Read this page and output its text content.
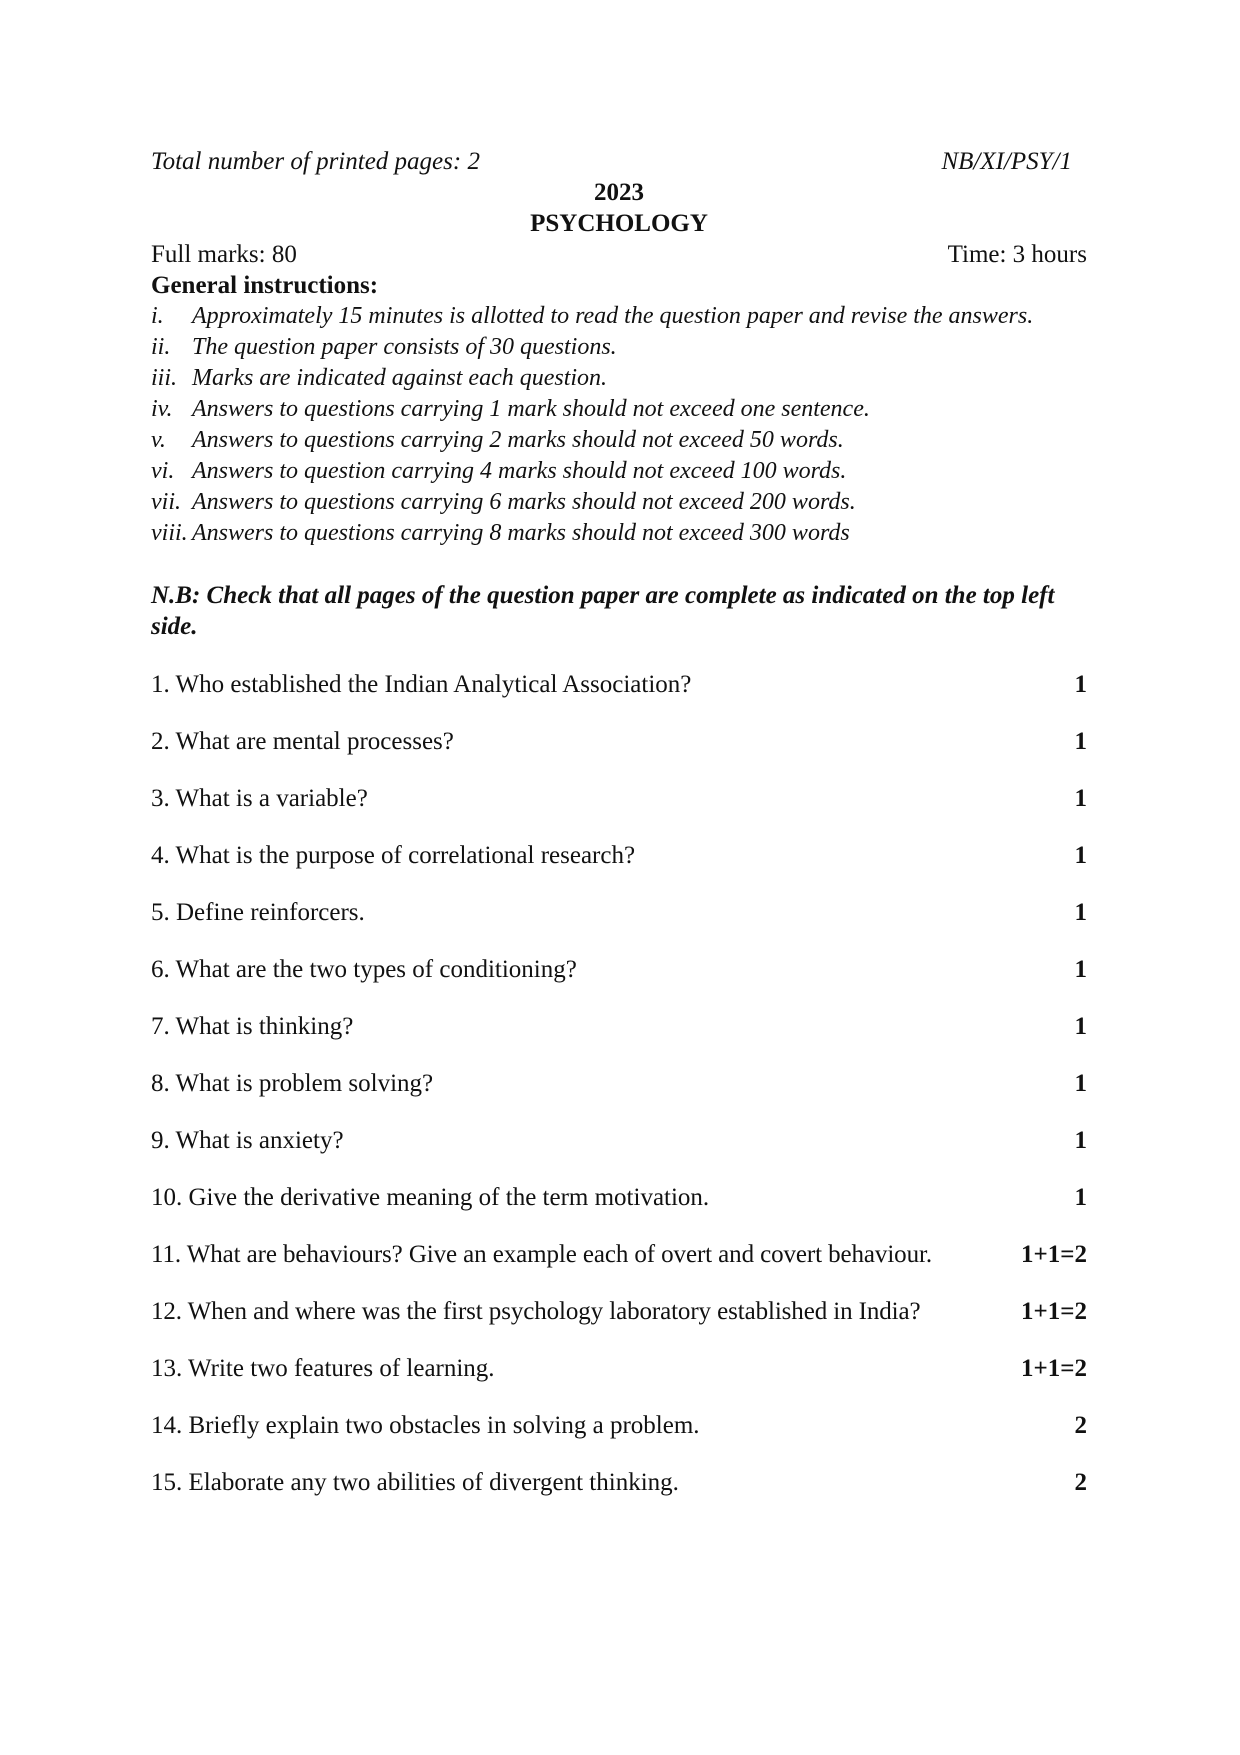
Total number of printed pages: 2	NB/XI/PSY/1
2023
PSYCHOLOGY
Full marks: 80	Time: 3 hours
General instructions:
i.	Approximately 15 minutes is allotted to read the question paper and revise the answers.
ii. The question paper consists of 30 questions.
iii. Marks are indicated against each question.
iv. Answers to questions carrying 1 mark should not exceed one sentence.
v.	Answers to questions carrying 2 marks should not exceed 50 words.
vi. Answers to question carrying 4 marks should not exceed 100 words.
vii. Answers to questions carrying 6 marks should not exceed 200 words.
viii. Answers to questions carrying 8 marks should not exceed 300 words
N.B: Check that all pages of the question paper are complete as indicated on the top left side.
1. Who established the Indian Analytical Association?	1
2. What are mental processes?	1
3. What is a variable?	1
4. What is the purpose of correlational research?	1
5. Define reinforcers.	1
6. What are the two types of conditioning?	1
7. What is thinking?	1
8. What is problem solving?	1
9. What is anxiety?	1
10. Give the derivative meaning of the term motivation.	1
11. What are behaviours? Give an example each of overt and covert behaviour.	1+1=2
12. When and where was the first psychology laboratory established in India?	1+1=2
13. Write two features of learning.	1+1=2
14. Briefly explain two obstacles in solving a problem.	2
15. Elaborate any two abilities of divergent thinking.	2
